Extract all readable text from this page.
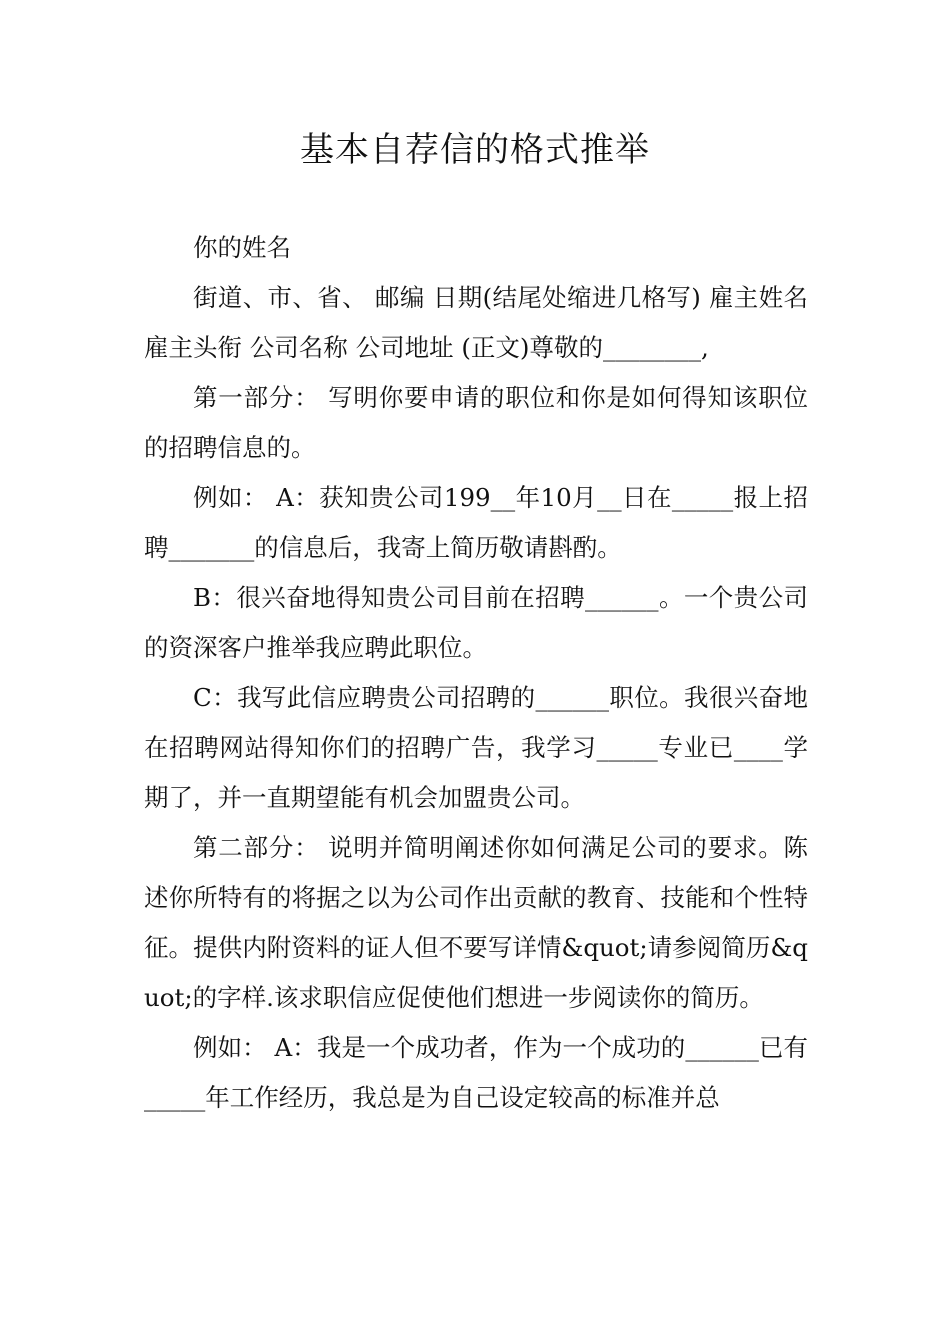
基本自荐信的格式推举

你的姓名

街道、市、省、 邮编 日期(结尾处缩进几格写) 雇主姓名 雇主头衔 公司名称 公司地址 (正文)尊敬的________,

第一部分： 写明你要申请的职位和你是如何得知该职位的招聘信息的。

例如： A：获知贵公司199__年10月__日在_____报上招聘_______的信息后，我寄上简历敬请斟酌。

B：很兴奋地得知贵公司目前在招聘______。一个贵公司的资深客户推举我应聘此职位。

C：我写此信应聘贵公司招聘的______职位。我很兴奋地在招聘网站得知你们的招聘广告，我学习_____专业已____学期了，并一直期望能有机会加盟贵公司。

第二部分： 说明并简明阐述你如何满足公司的要求。陈述你所特有的将据之以为公司作出贡献的教育、技能和个性特征。提供内附资料的证人但不要写详情&quot;请参阅简历&quot;的字样.该求职信应促使他们想进一步阅读你的简历。

例如： A：我是一个成功者，作为一个成功的______已有_____年工作经历，我总是为自己设定较高的标准并总
